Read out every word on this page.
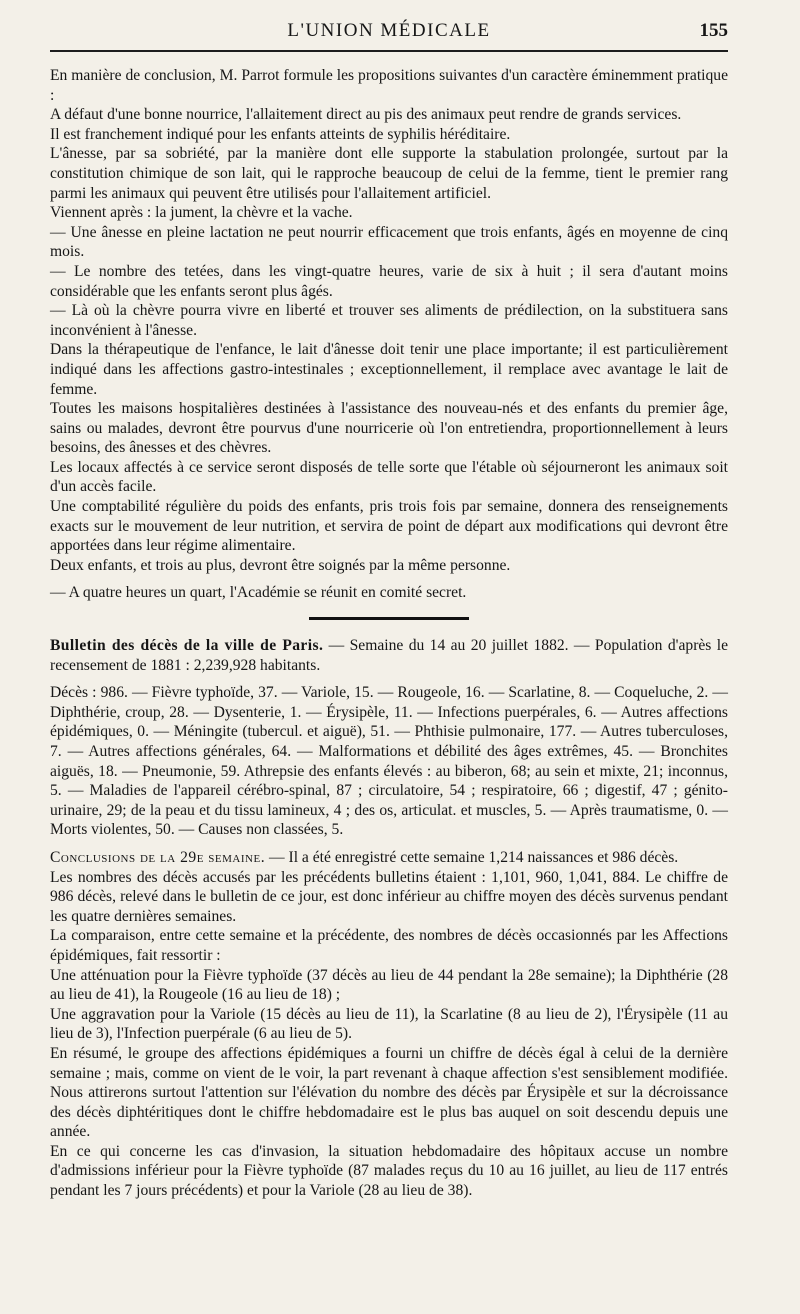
L'UNION MÉDICALE	155

En manière de conclusion, M. Parrot formule les propositions suivantes d'un caractère éminemment pratique :

A défaut d'une bonne nourrice, l'allaitement direct au pis des animaux peut rendre de grands services.

Il est franchement indiqué pour les enfants atteints de syphilis héréditaire.

L'ânesse, par sa sobriété, par la manière dont elle supporte la stabulation prolongée, surtout par la constitution chimique de son lait, qui le rapproche beaucoup de celui de la femme, tient le premier rang parmi les animaux qui peuvent être utilisés pour l'allaitement artificiel.

Viennent après : la jument, la chèvre et la vache.

— Une ânesse en pleine lactation ne peut nourrir efficacement que trois enfants, âgés en moyenne de cinq mois.

— Le nombre des tetées, dans les vingt-quatre heures, varie de six à huit ; il sera d'autant moins considérable que les enfants seront plus âgés.

— Là où la chèvre pourra vivre en liberté et trouver ses aliments de prédilection, on la substituera sans inconvénient à l'ânesse.

Dans la thérapeutique de l'enfance, le lait d'ânesse doit tenir une place importante; il est particulièrement indiqué dans les affections gastro-intestinales ; exceptionnellement, il remplace avec avantage le lait de femme.

Toutes les maisons hospitalières destinées à l'assistance des nouveau-nés et des enfants du premier âge, sains ou malades, devront être pourvus d'une nourricerie où l'on entretiendra, proportionnellement à leurs besoins, des ânesses et des chèvres.

Les locaux affectés à ce service seront disposés de telle sorte que l'étable où séjourneront les animaux soit d'un accès facile.

Une comptabilité régulière du poids des enfants, pris trois fois par semaine, donnera des renseignements exacts sur le mouvement de leur nutrition, et servira de point de départ aux modifications qui devront être apportées dans leur régime alimentaire.

Deux enfants, et trois au plus, devront être soignés par la même personne.

— A quatre heures un quart, l'Académie se réunit en comité secret.

Bulletin des décès de la ville de Paris. — Semaine du 14 au 20 juillet 1882. — Population d'après le recensement de 1881 : 2,239,928 habitants.

Décès : 986. — Fièvre typhoïde, 37. — Variole, 15. — Rougeole, 16. — Scarlatine, 8. — Coqueluche, 2. — Diphthérie, croup, 28. — Dysenterie, 1. — Érysipèle, 11. — Infections puerpérales, 6. — Autres affections épidémiques, 0. — Méningite (tubercul. et aiguë), 51. — Phthisie pulmonaire, 177. — Autres tuberculoses, 7. — Autres affections générales, 64. — Malformations et débilité des âges extrêmes, 45. — Bronchites aiguës, 18. — Pneumonie, 59. Athrepsie des enfants élevés : au biberon, 68; au sein et mixte, 21; inconnus, 5. — Maladies de l'appareil cérébro-spinal, 87 ; circulatoire, 54 ; respiratoire, 66 ; digestif, 47 ; génito-urinaire, 29; de la peau et du tissu lamineux, 4 ; des os, articulat. et muscles, 5. — Après traumatisme, 0. — Morts violentes, 50. — Causes non classées, 5.

Conclusions de la 29e semaine. — Il a été enregistré cette semaine 1,214 naissances et 986 décès.

Les nombres des décès accusés par les précédents bulletins étaient : 1,101, 960, 1,041, 884. Le chiffre de 986 décès, relevé dans le bulletin de ce jour, est donc inférieur au chiffre moyen des décès survenus pendant les quatre dernières semaines.

La comparaison, entre cette semaine et la précédente, des nombres de décès occasionnés par les Affections épidémiques, fait ressortir :

Une atténuation pour la Fièvre typhoïde (37 décès au lieu de 44 pendant la 28e semaine); la Diphthérie (28 au lieu de 41), la Rougeole (16 au lieu de 18) ;

Une aggravation pour la Variole (15 décès au lieu de 11), la Scarlatine (8 au lieu de 2), l'Érysipèle (11 au lieu de 3), l'Infection puerpérale (6 au lieu de 5).

En résumé, le groupe des affections épidémiques a fourni un chiffre de décès égal à celui de la dernière semaine ; mais, comme on vient de le voir, la part revenant à chaque affection s'est sensiblement modifiée. Nous attirerons surtout l'attention sur l'élévation du nombre des décès par Érysipèle et sur la décroissance des décès diphtéritiques dont le chiffre hebdomadaire est le plus bas auquel on soit descendu depuis une année.

En ce qui concerne les cas d'invasion, la situation hebdomadaire des hôpitaux accuse un nombre d'admissions inférieur pour la Fièvre typhoïde (87 malades reçus du 10 au 16 juillet, au lieu de 117 entrés pendant les 7 jours précédents) et pour la Variole (28 au lieu de 38).
